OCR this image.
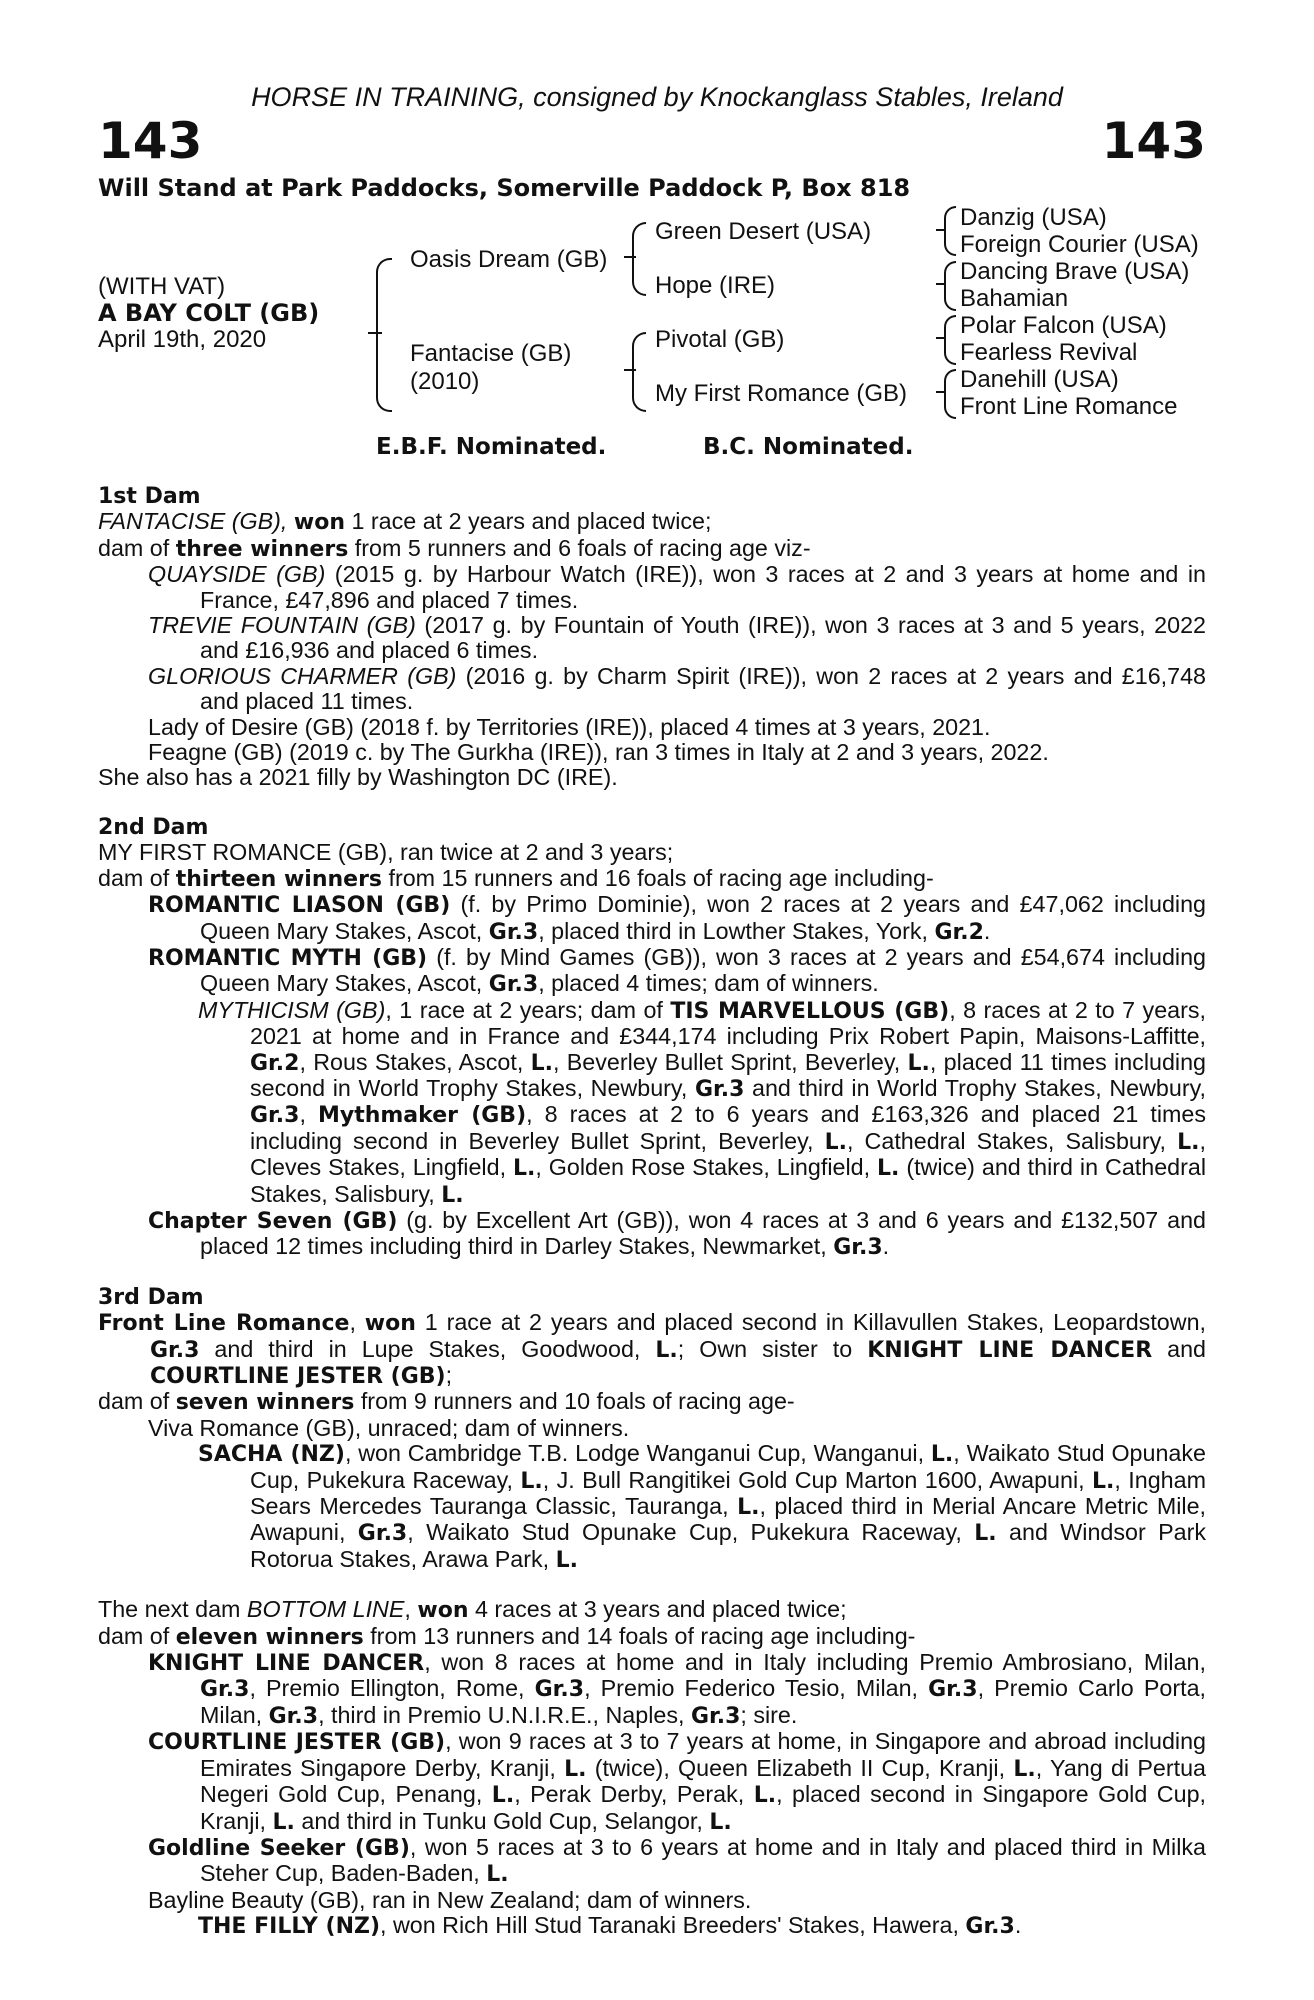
HORSE IN TRAINING, consigned by Knockanglass Stables, Ireland
143	143
Will Stand at Park Paddocks, Somerville Paddock P, Box 818
(WITH VAT)
A BAY COLT (GB)
April 19th, 2020
Oasis Dream (GB)
Fantacise (GB)
(2010)
Green Desert (USA)
Hope (IRE)
Pivotal (GB)
My First Romance (GB)
Danzig (USA)
Foreign Courier (USA)
Dancing Brave (USA)
Bahamian
Polar Falcon (USA)
Fearless Revival
Danehill (USA)
Front Line Romance
E.B.F. Nominated.	B.C. Nominated.
1st Dam
FANTACISE (GB), won 1 race at 2 years and placed twice;
dam of three winners from 5 runners and 6 foals of racing age viz-
QUAYSIDE (GB) (2015 g. by Harbour Watch (IRE)), won 3 races at 2 and 3 years at home and in France, £47,896 and placed 7 times.
TREVIE FOUNTAIN (GB) (2017 g. by Fountain of Youth (IRE)), won 3 races at 3 and 5 years, 2022 and £16,936 and placed 6 times.
GLORIOUS CHARMER (GB) (2016 g. by Charm Spirit (IRE)), won 2 races at 2 years and £16,748 and placed 11 times.
Lady of Desire (GB) (2018 f. by Territories (IRE)), placed 4 times at 3 years, 2021.
Feagne (GB) (2019 c. by The Gurkha (IRE)), ran 3 times in Italy at 2 and 3 years, 2022.
She also has a 2021 filly by Washington DC (IRE).
2nd Dam
MY FIRST ROMANCE (GB), ran twice at 2 and 3 years;
dam of thirteen winners from 15 runners and 16 foals of racing age including-
ROMANTIC LIASON (GB) (f. by Primo Dominie), won 2 races at 2 years and £47,062 including Queen Mary Stakes, Ascot, Gr.3, placed third in Lowther Stakes, York, Gr.2.
ROMANTIC MYTH (GB) (f. by Mind Games (GB)), won 3 races at 2 years and £54,674 including Queen Mary Stakes, Ascot, Gr.3, placed 4 times; dam of winners.
MYTHICISM (GB), 1 race at 2 years; dam of TIS MARVELLOUS (GB), 8 races at 2 to 7 years, 2021 at home and in France and £344,174 including Prix Robert Papin, Maisons-Laffitte, Gr.2, Rous Stakes, Ascot, L., Beverley Bullet Sprint, Beverley, L., placed 11 times including second in World Trophy Stakes, Newbury, Gr.3 and third in World Trophy Stakes, Newbury, Gr.3, Mythmaker (GB), 8 races at 2 to 6 years and £163,326 and placed 21 times including second in Beverley Bullet Sprint, Beverley, L., Cathedral Stakes, Salisbury, L., Cleves Stakes, Lingfield, L., Golden Rose Stakes, Lingfield, L. (twice) and third in Cathedral Stakes, Salisbury, L.
Chapter Seven (GB) (g. by Excellent Art (GB)), won 4 races at 3 and 6 years and £132,507 and placed 12 times including third in Darley Stakes, Newmarket, Gr.3.
3rd Dam
Front Line Romance, won 1 race at 2 years and placed second in Killavullen Stakes, Leopardstown, Gr.3 and third in Lupe Stakes, Goodwood, L.; Own sister to KNIGHT LINE DANCER and COURTLINE JESTER (GB);
dam of seven winners from 9 runners and 10 foals of racing age-
Viva Romance (GB), unraced; dam of winners.
SACHA (NZ), won Cambridge T.B. Lodge Wanganui Cup, Wanganui, L., Waikato Stud Opunake Cup, Pukekura Raceway, L., J. Bull Rangitikei Gold Cup Marton 1600, Awapuni, L., Ingham Sears Mercedes Tauranga Classic, Tauranga, L., placed third in Merial Ancare Metric Mile, Awapuni, Gr.3, Waikato Stud Opunake Cup, Pukekura Raceway, L. and Windsor Park Rotorua Stakes, Arawa Park, L.
The next dam BOTTOM LINE, won 4 races at 3 years and placed twice;
dam of eleven winners from 13 runners and 14 foals of racing age including-
KNIGHT LINE DANCER, won 8 races at home and in Italy including Premio Ambrosiano, Milan, Gr.3, Premio Ellington, Rome, Gr.3, Premio Federico Tesio, Milan, Gr.3, Premio Carlo Porta, Milan, Gr.3, third in Premio U.N.I.R.E., Naples, Gr.3; sire.
COURTLINE JESTER (GB), won 9 races at 3 to 7 years at home, in Singapore and abroad including Emirates Singapore Derby, Kranji, L. (twice), Queen Elizabeth II Cup, Kranji, L., Yang di Pertua Negeri Gold Cup, Penang, L., Perak Derby, Perak, L., placed second in Singapore Gold Cup, Kranji, L. and third in Tunku Gold Cup, Selangor, L.
Goldline Seeker (GB), won 5 races at 3 to 6 years at home and in Italy and placed third in Milka Steher Cup, Baden-Baden, L.
Bayline Beauty (GB), ran in New Zealand; dam of winners.
THE FILLY (NZ), won Rich Hill Stud Taranaki Breeders' Stakes, Hawera, Gr.3.
